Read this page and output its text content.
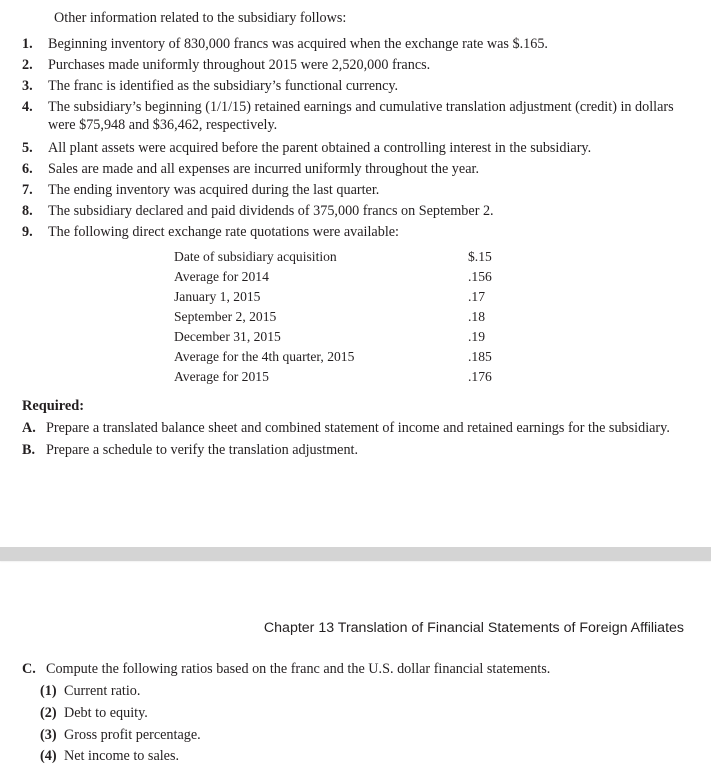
Other information related to the subsidiary follows:
1. Beginning inventory of 830,000 francs was acquired when the exchange rate was $.165.
2. Purchases made uniformly throughout 2015 were 2,520,000 francs.
3. The franc is identified as the subsidiary’s functional currency.
4. The subsidiary’s beginning (1/1/15) retained earnings and cumulative translation adjustment (credit) in dollars were $75,948 and $36,462, respectively.
5. All plant assets were acquired before the parent obtained a controlling interest in the subsidiary.
6. Sales are made and all expenses are incurred uniformly throughout the year.
7. The ending inventory was acquired during the last quarter.
8. The subsidiary declared and paid dividends of 375,000 francs on September 2.
9. The following direct exchange rate quotations were available:
Date of subsidiary acquisition	$.15
Average for 2014	.156
January 1, 2015	.17
September 2, 2015	.18
December 31, 2015	.19
Average for the 4th quarter, 2015	.185
Average for 2015	.176
Required:
A. Prepare a translated balance sheet and combined statement of income and retained earnings for the subsidiary.
B. Prepare a schedule to verify the translation adjustment.
Chapter 13 Translation of Financial Statements of Foreign Affiliates
C. Compute the following ratios based on the franc and the U.S. dollar financial statements.
(1) Current ratio.
(2) Debt to equity.
(3) Gross profit percentage.
(4) Net income to sales.
